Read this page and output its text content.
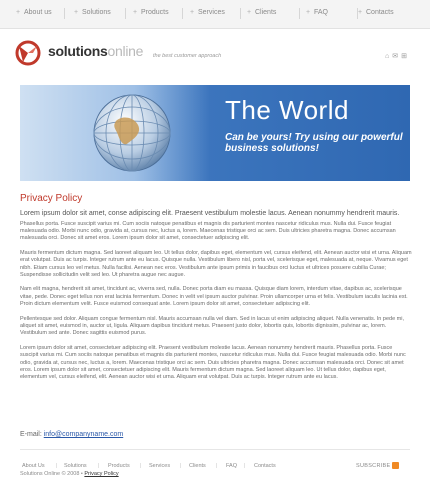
+ About us	+ Solutions	+ Products	+ Services	+ Clients	+ FAQ	+ Contacts
solutionsonline the best customer approach	⌂✉⊞
The World
Can be yours! Try using our powerful business solutions!
Privacy Policy
Lorem ipsum dolor sit amet, conse adipiscing elit. Praesent vestibulum molestie lacus. Aenean nonummy hendrerit mauris.
Phasellus porta. Fusce suscipit varius mi. Cum sociis natoque penatibus et magnis dis parturient montes nascetur ridiculus mus. Nulla dui. Fusce feugiat malesuada odio. Morbi nunc odio, gravida at, cursus nec, luctus a, lorem. Maecenas tristique orci ac sem. Duis ultricies pharetra magna. Donec accumsan malesuada orci. Donec sit amet eros. Lorem ipsum dolor sit amet, consectetuer adipiscing elit.
Mauris fermentum dictum magna. Sed laoreet aliquam leo. Ut tellus dolor, dapibus eget, elementum vel, cursus eleifend, elit. Aenean auctor wisi et urna. Aliquam erat volutpat. Duis ac turpis. Integer rutrum ante eu lacus. Quisque nulla. Vestibulum libero nisl, porta vel, scelerisque eget, malesuada at, neque. Vivamus eget nibh. Etiam cursus leo vel metus. Nulla facilisi. Aenean nec eros. Vestibulum ante ipsum primis in faucibus orci luctus et ultrices posuere cubilia Curae; Suspendisse sollicitudin velit sed leo. Ut pharetra augue nec augue.
Nam elit magna, hendrerit sit amet, tincidunt ac, viverra sed, nulla. Donec porta diam eu massa. Quisque diam lorem, interdum vitae, dapibus ac, scelerisque vitae, pede. Donec eget tellus non erat lacinia fermentum. Donec in velit vel ipsum auctor pulvinar. Proin ullamcorper urna et felis. Vestibulum iaculis lacinia est. Proin dictum elementum velit. Fusce euismod consequat ante. Lorem ipsum dolor sit amet, consectetuer adipiscing elit.
Pellentesque sed dolor. Aliquam congue fermentum nisl. Mauris accumsan nulla vel diam. Sed in lacus ut enim adipiscing aliquet. Nulla venenatis. In pede mi, aliquet sit amet, euismod in, auctor ut, ligula. Aliquam dapibus tincidunt metus. Praesent justo dolor, lobortis quis, lobortis dignissim, pulvinar ac, lorem. Vestibulum sed ante. Donec sagittis euismod purus.
Lorem ipsum dolor sit amet, consectetuer adipiscing elit. Praesent vestibulum molestie lacus. Aenean nonummy hendrerit mauris. Phasellus porta. Fusce suscipit varius mi. Cum sociis natoque penatibus et magnis dis parturient montes, nascetur ridiculus mus. Nulla dui. Fusce feugiat malesuada odio. Morbi nunc odio, gravida at, cursus nec, luctus a, lorem. Maecenas tristique orci ac sem. Duis ultricies pharetra magna. Donec accumsan malesuada orci. Donec sit amet eros. Lorem ipsum dolor sit amet, consectetuer adipiscing elit. Mauris fermentum dictum magna. Sed laoreet aliquam leo. Ut tellus dolor, dapibus eget, elementum vel, cursus eleifend, elit. Aenean auctor wisi et urna. Aliquam erat volutpat. Duis ac turpis. Integer rutrum ante eu lacus.
E-mail: info@companyname.com
About Us | Solutions | Products | Services | Clients | FAQ | Contacts
Solutions Online © 2008 • Privacy Policy
SUBSCRIBE
